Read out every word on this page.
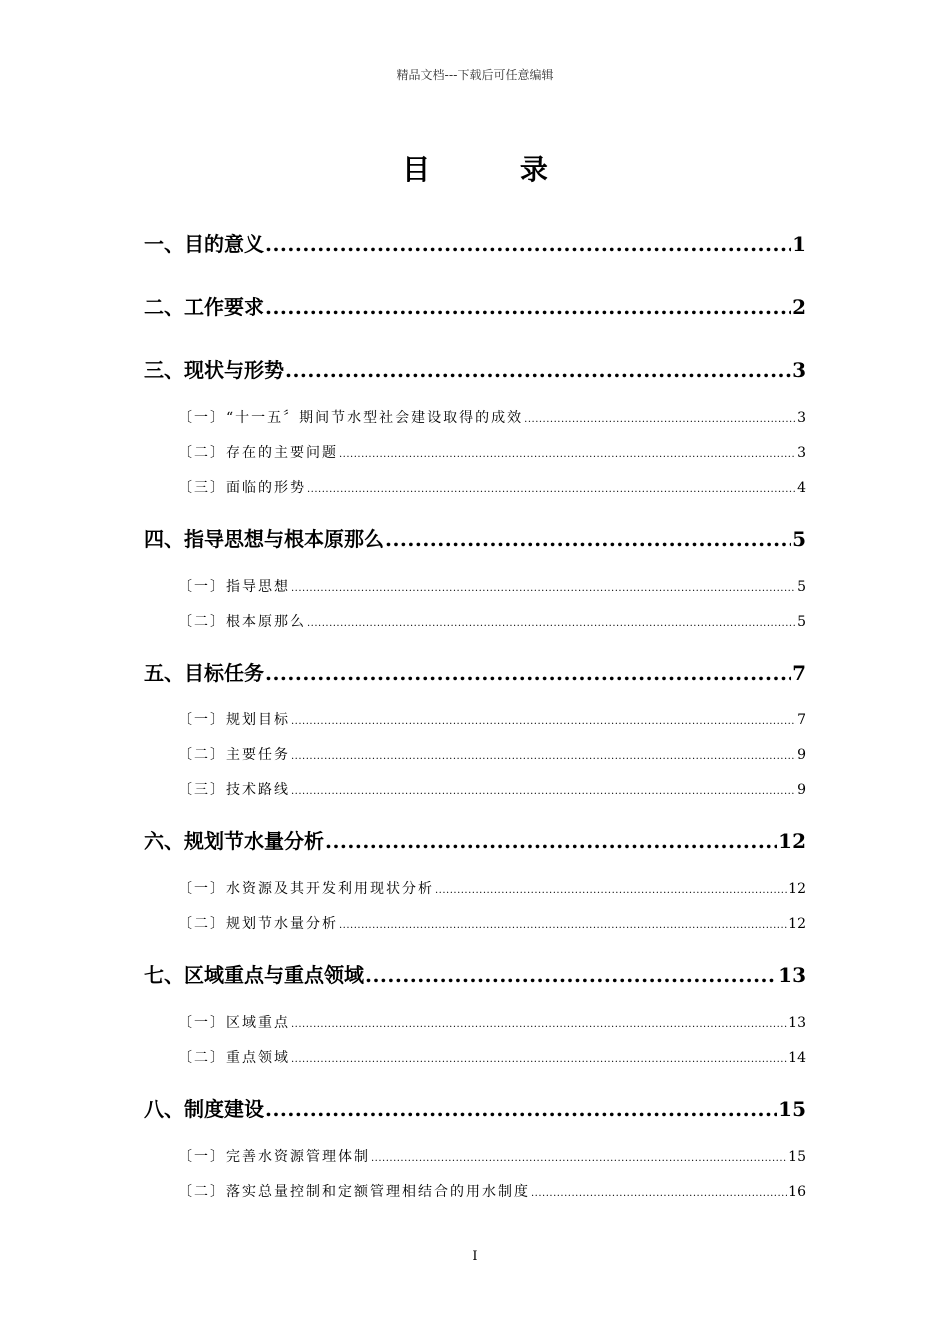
精品文档---下载后可任意编辑
目 录
一、目的意义 .....	1
二、工作要求 .....	2
三、现状与形势 .....	3
〔一〕“十一五〞期间节水型社会建设取得的成效 .....	3
〔二〕存在的主要问题 .....	3
〔三〕面临的形势 .....	4
四、指导思想与根本原那么 .....	5
〔一〕指导思想 .....	5
〔二〕根本原那么 .....	5
五、目标任务 .....	7
〔一〕规划目标 .....	7
〔二〕主要任务 .....	9
〔三〕技术路线 .....	9
六、规划节水量分析 .....	12
〔一〕水资源及其开发利用现状分析 .....	12
〔二〕规划节水量分析 .....	12
七、区域重点与重点领域 .....	13
〔一〕区域重点 .....	13
〔二〕重点领域 .....	14
八、制度建设 .....	15
〔一〕完善水资源管理体制 .....	15
〔二〕落实总量控制和定额管理相结合的用水制度 .....	16
I
